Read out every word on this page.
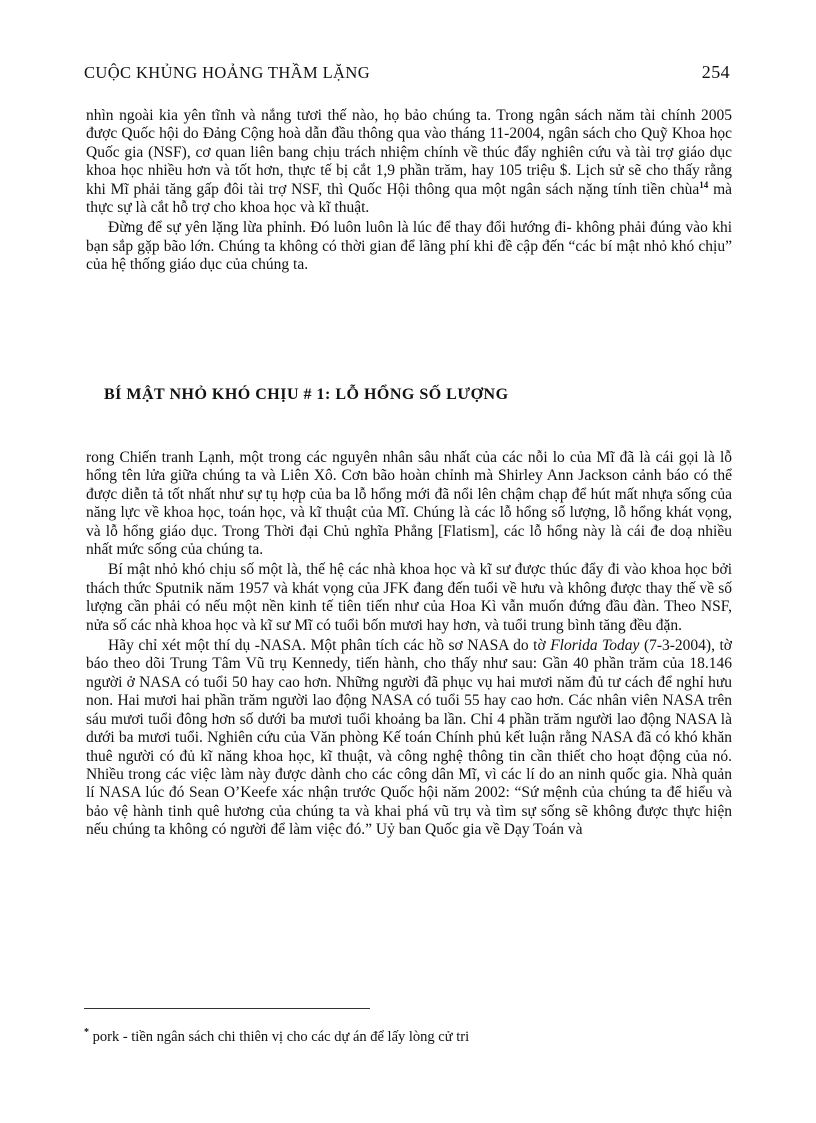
CUỘC KHỦNG HOẢNG THẦM LẶNG	254

nhìn ngoài kia yên tĩnh và nắng tươi thế nào, họ bảo chúng ta. Trong ngân sách năm tài chính 2005 được Quốc hội do Đảng Cộng hoà dẫn đầu thông qua vào tháng 11-2004, ngân sách cho Quỹ Khoa học Quốc gia (NSF), cơ quan liên bang chịu trách nhiệm chính về thúc đẩy nghiên cứu và tài trợ giáo dục khoa học nhiều hơn và tốt hơn, thực tế bị cắt 1,9 phần trăm, hay 105 triệu $. Lịch sử sẽ cho thấy rằng khi Mĩ phải tăng gấp đôi tài trợ NSF, thì Quốc Hội thông qua một ngân sách nặng tính tiền chùa$^{14}$ mà thực sự là cắt hỗ trợ cho khoa học và kĩ thuật.

Đừng để sự yên lặng lừa phỉnh. Đó luôn luôn là lúc để thay đổi hướng đi- không phải đúng vào khi bạn sắp gặp bão lớn. Chúng ta không có thời gian để lãng phí khi đề cập đến “các bí mật nhỏ khó chịu” của hệ thống giáo dục của chúng ta.

BÍ MẬT NHỎ KHÓ CHỊU # 1: LỖ HỔNG SỐ LƯỢNG

rong Chiến tranh Lạnh, một trong các nguyên nhân sâu nhất của các nỗi lo của Mĩ đã là cái gọi là lỗ hổng tên lửa giữa chúng ta và Liên Xô. Cơn bão hoàn chỉnh mà Shirley Ann Jackson cảnh báo có thể được diễn tả tốt nhất như sự tụ hợp của ba lỗ hổng mới đã nổi lên chậm chạp để hút mất nhựa sống của năng lực về khoa học, toán học, và kĩ thuật của Mĩ. Chúng là các lỗ hổng số lượng, lỗ hổng khát vọng, và lỗ hổng giáo dục. Trong Thời đại Chủ nghĩa Phẳng [Flatism], các lỗ hổng này là cái đe doạ nhiều nhất mức sống của chúng ta.

Bí mật nhỏ khó chịu số một là, thế hệ các nhà khoa học và kĩ sư được thúc đẩy đi vào khoa học bởi thách thức Sputnik năm 1957 và khát vọng của JFK đang đến tuổi về hưu và không được thay thế về số lượng cần phải có nếu một nền kinh tế tiên tiến như của Hoa Kì vẫn muốn đứng đầu đàn. Theo NSF, nửa số các nhà khoa học và kĩ sư Mĩ có tuổi bốn mươi hay hơn, và tuổi trung bình tăng đều đặn.

Hãy chỉ xét một thí dụ -NASA. Một phân tích các hồ sơ NASA do tờ Florida Today (7-3-2004), tờ báo theo dõi Trung Tâm Vũ trụ Kennedy, tiến hành, cho thấy như sau: Gần 40 phần trăm của 18.146 người ở NASA có tuổi 50 hay cao hơn. Những người đã phục vụ hai mươi năm đủ tư cách để nghỉ hưu non. Hai mươi hai phần trăm người lao động NASA có tuổi 55 hay cao hơn. Các nhân viên NASA trên sáu mươi tuổi đông hơn số dưới ba mươi tuổi khoảng ba lần. Chỉ 4 phần trăm người lao động NASA là dưới ba mươi tuổi. Nghiên cứu của Văn phòng Kế toán Chính phủ kết luận rằng NASA đã có khó khăn thuê người có đủ kĩ năng khoa học, kĩ thuật, và công nghệ thông tin cần thiết cho hoạt động của nó. Nhiều trong các việc làm này được dành cho các công dân Mĩ, vì các lí do an ninh quốc gia. Nhà quản lí NASA lúc đó Sean O’Keefe xác nhận trước Quốc hội năm 2002: “Sứ mệnh của chúng ta để hiểu và bảo vệ hành tinh quê hương của chúng ta và khai phá vũ trụ và tìm sự sống sẽ không được thực hiện nếu chúng ta không có người để làm việc đó.” Uỷ ban Quốc gia về Dạy Toán và

* pork - tiền ngân sách chi thiên vị cho các dự án để lấy lòng cử tri
